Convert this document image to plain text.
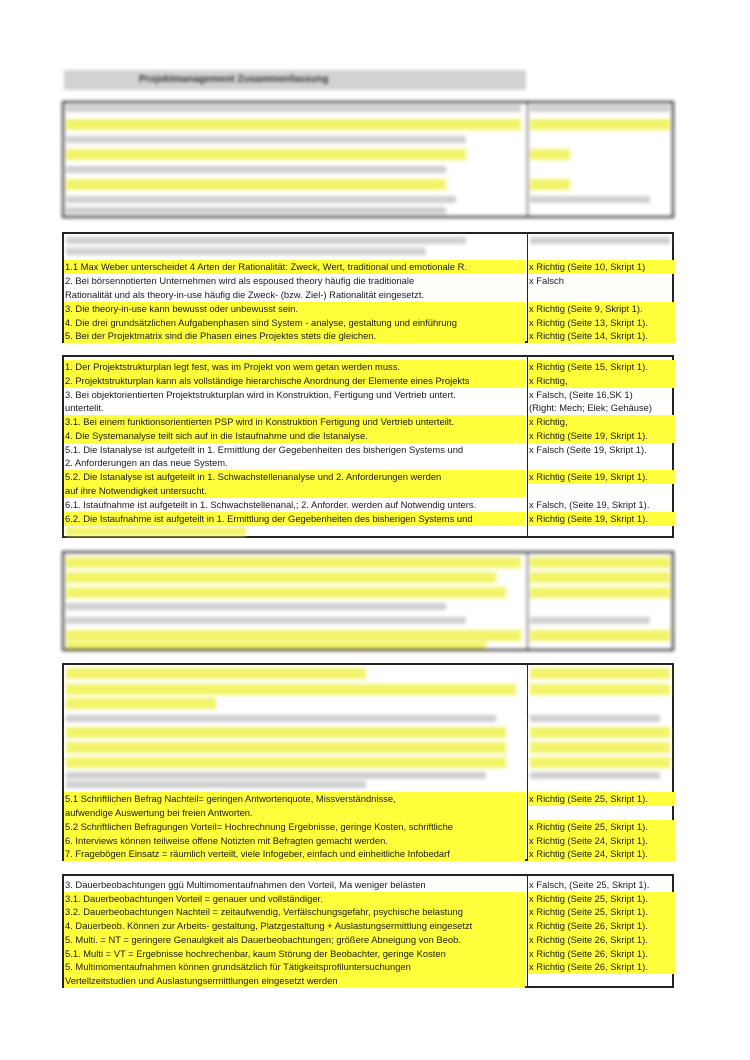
Projektmanagement Zusammenfassung
1.1 Max Weber unterscheidet 4 Arten der Rationalität: Zweck, Wert, traditional und emotionale R.	x Richtig (Seite 10, Skript 1)
2. Bei börsennotierten Unternehmen wird als espoused theory häufig die traditionale	x Falsch
Rationalität und als theory-in-use häufig die Zweck- (bzw. Ziel-) Rationalität eingesetzt.
3. Die theory-in-use kann bewusst oder unbewusst sein.	x Richtig (Seite 9, Skript 1).
4. Die drei grundsätzlichen Aufgabenphasen sind System - analyse, gestaltung und einführung	x Richtig (Seite 13, Skript 1).
5. Bei der Projektmatrix sind die Phasen eines Projektes stets die gleichen.	x Richtig (Seite 14, Skript 1).
1. Der Projektstrukturplan legt fest, was im Projekt von wem getan werden muss.	x Richtig (Seite 15, Skript 1).
2. Projektstrukturplan kann als vollständige hierarchische Anordnung der Elemente eines Projekts	x Richtig,
3. Bei objektorientierten Projektstrukturplan wird in Konstruktion, Fertigung und Vertrieb untert.	x Falsch, (Seite 16,SK 1)
untertelit.	(Right: Mech; Elek; Gehäuse)
3.1. Bei einem funktionsorientierten PSP wird in Konstruktion Fertigung und Vertrieb unterteilt.	x Richtig,
4. Die Systemanalyse teilt sich auf in die Istaufnahme und die Istanalyse.	x Richtig (Seite 19, Skript 1).
5.1. Die Istanalyse ist aufgeteilt in 1. Ermittlung der Gegebenheiten des bisherigen Systems und	x Falsch (Seite 19, Skript 1).
2. Anforderungen an das neue System.
5.2. Die Istanalyse ist aufgeteilt in 1. Schwachstellenanalyse und 2. Anforderungen werden	x Richtig (Seite 19, Skript 1).
auf ihre Notwendigkeit untersucht.
6.1. Istaufnahme ist aufgeteilt in 1. Schwachstellenanal,; 2. Anforder. werden auf Notwendig unters.	x Falsch, (Seite 19, Skript 1).
6.2. Die Istaufnahme ist aufgeteilt in 1. Ermittlung der Gegebenheiten des bisherigen Systems und	x Richtig (Seite 19, Skript 1).
5.1 Schriftlichen Befrag Nachteil= geringen Antwortenquote, Missverständnisse,	x Richtig (Seite 25, Skript 1).
aufwendige Auswertung bei freien Antworten.
5.2 Schriftlichen Befragungen Vorteil= Hochrechnung Ergebnisse, geringe Kosten, schriftliche	x Richtig (Seite 25, Skript 1).
6. Interviews können teilweise offene Notizten mit Befragten gemacht werden.	x Richtig (Seite 24, Skript 1).
7. Fragebögen Einsatz = räumlich verteilt, viele Infogeber, einfach und einheitliche Infobedarf	x Richtig (Seite 24, Skript 1).
3. Dauerbeobachtungen ggü Multimomentaufnahmen den Vorteil, Ma weniger belasten	x Falsch, (Seite 25, Skript 1).
3.1. Dauerbeobachtungen Vorteil = genauer und vollständiger.	x Richtig (Seite 25, Skript 1).
3.2. Dauerbeobachtungen Nachteil = zeitaufwendig, Verfälschungsgefahr, psychische belastung	x Richtig (Seite 25, Skript 1).
4. Dauerbeob. Können zur Arbeits- gestaltung, Platzgestaltung + Auslastungsermittlung eingesetzt	x Richtig (Seite 26, Skript 1).
5. Multi. = NT = geringere Genaulgkeit als Dauerbeobachtungen; größere Abneigung von Beob.	x Richtig (Seite 26, Skript 1).
5.1. Multi = VT = Ergebnisse hochrechenbar, kaum Störung der Beobachter, geringe Kosten	x Richtig (Seite 26, Skript 1).
5. Multimomentaufnahmen können grundsätzlich für Tätigkeitsprofiluntersuchungen	x Richtig (Seite 26, Skript 1).
Vertellzeitstudien und Auslastungsermittlungen eingesetzt werden
